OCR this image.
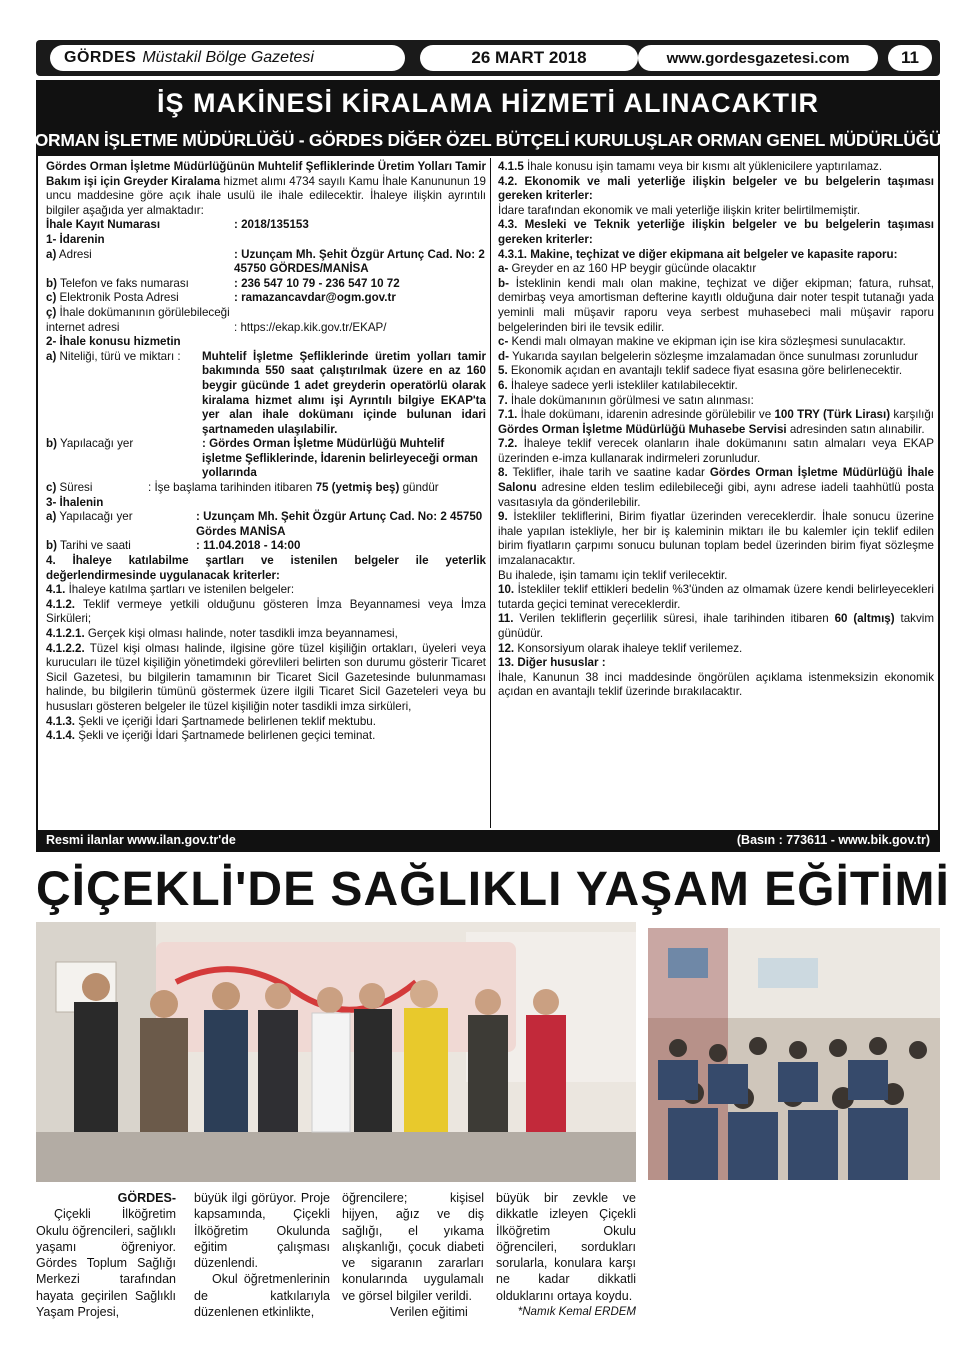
GÖRDES Müstakil Bölge Gazetesi	26 MART 2018	www.gordesgazetesi.com	11
İŞ MAKİNESİ KİRALAMA HİZMETİ ALINACAKTIR
ORMAN İŞLETME MÜDÜRLÜĞÜ - GÖRDES DİĞER ÖZEL BÜTÇELİ KURULUŞLAR ORMAN GENEL MÜDÜRLÜĞÜ

Gördes Orman İşletme Müdürlüğünün Muhtelif Şefliklerinde Üretim Yolları Tamir Bakım işi için Greyder Kiralama hizmet alımı 4734 sayılı Kamu İhale Kanununun 19 uncu maddesine göre açık ihale usulü ile ihale edilecektir. İhaleye ilişkin ayrıntılı bilgiler aşağıda yer almaktadır:

İhale Kayıt Numarası	: 2018/135153
1- İdarenin
a) Adresi	: Uzunçam Mh. Şehit Özgür Artunç Cad. No: 2 45750 GÖRDES/MANİSA
b) Telefon ve faks numarası	: 236 547 10 79 - 236 547 10 72
c) Elektronik Posta Adresi	: ramazancavdar@ogm.gov.tr
ç) İhale dokümanının görülebileceği internet adresi	: https://ekap.kik.gov.tr/EKAP/
2- İhale konusu hizmetin
a) Niteliği, türü ve miktarı :	Muhtelif İşletme Şefliklerinde üretim yolları tamir bakımında 550 saat çalıştırılmak üzere en az 160 beygir gücünde 1 adet greyderin operatörlü olarak kiralama hizmet alımı işi Ayrıntılı bilgiye EKAP'ta yer alan ihale dokümanı içinde bulunan idari şartnameden ulaşılabilir.
b) Yapılacağı yer	: Gördes Orman İşletme Müdürlüğü Muhtelif işletme Şefliklerinde, İdarenin belirleyeceği orman yollarında
c) Süresi	: İşe başlama tarihinden itibaren 75 (yetmiş beş) gündür
3- İhalenin
a) Yapılacağı yer	: Uzunçam Mh. Şehit Özgür Artunç Cad. No: 2 45750 Gördes MANİSA
b) Tarihi ve saati	: 11.04.2018 - 14:00
4. İhaleye katılabilme şartları ve istenilen belgeler ile yeterlik değerlendirmesinde uygulanacak kriterler:

4.1. İhaleye katılma şartları ve istenilen belgeler:

4.1.2. Teklif vermeye yetkili olduğunu gösteren İmza Beyannamesi veya İmza Sirküleri;

4.1.2.1. Gerçek kişi olması halinde, noter tasdikli imza beyannamesi,

4.1.2.2. Tüzel kişi olması halinde, ilgisine göre tüzel kişiliğin ortakları, üyeleri veya kurucuları ile tüzel kişiliğin yönetimdeki görevlileri belirten son durumu gösterir Ticaret Sicil Gazetesi, bu bilgilerin tamamının bir Ticaret Sicil Gazetesinde bulunmaması halinde, bu bilgilerin tümünü göstermek üzere ilgili Ticaret Sicil Gazeteleri veya bu hususları gösteren belgeler ile tüzel kişiliğin noter tasdikli imza sirküleri,

4.1.3. Şekli ve içeriği İdari Şartnamede belirlenen teklif mektubu.

4.1.4. Şekli ve içeriği İdari Şartnamede belirlenen geçici teminat.

4.1.5 İhale konusu işin tamamı veya bir kısmı alt yüklenicilere yaptırılamaz.

4.2. Ekonomik ve mali yeterliğe ilişkin belgeler ve bu belgelerin taşıması gereken kriterler:

İdare tarafından ekonomik ve mali yeterliğe ilişkin kriter belirtilmemiştir.

4.3. Mesleki ve Teknik yeterliğe ilişkin belgeler ve bu belgelerin taşıması gereken kriterler:

4.3.1. Makine, teçhizat ve diğer ekipmana ait belgeler ve kapasite raporu:

a- Greyder en az 160 HP beygir gücünde olacaktır

b- İsteklinin kendi malı olan makine, teçhizat ve diğer ekipman; fatura, ruhsat, demirbaş veya amortisman defterine kayıtlı olduğuna dair noter tespit tutanağı yada yeminli mali müşavir raporu veya serbest muhasebeci mali müşavir raporu belgelerinden biri ile tevsik edilir.

c- Kendi malı olmayan makine ve ekipman için ise kira sözleşmesi sunulacaktır.

d- Yukarıda sayılan belgelerin sözleşme imzalamadan önce sunulması zorunludur

5. Ekonomik açıdan en avantajlı teklif sadece fiyat esasına göre belirlenecektir.

6. İhaleye sadece yerli istekliler katılabilecektir.

7. İhale dokümanının görülmesi ve satın alınması:

7.1. İhale dokümanı, idarenin adresinde görülebilir ve 100 TRY (Türk Lirası) karşılığı Gördes Orman İşletme Müdürlüğü Muhasebe Servisi adresinden satın alınabilir.

7.2. İhaleye teklif verecek olanların ihale dokümanını satın almaları veya EKAP üzerinden e-imza kullanarak indirmeleri zorunludur.

8. Teklifler, ihale tarih ve saatine kadar Gördes Orman İşletme Müdürlüğü İhale Salonu adresine elden teslim edilebileceği gibi, aynı adrese iadeli taahhütlü posta vasıtasıyla da gönderilebilir.

9. İstekliler tekliflerini, Birim fiyatlar üzerinden vereceklerdir. İhale sonucu üzerine ihale yapılan istekliyle, her bir iş kaleminin miktarı ile bu kalemler için teklif edilen birim fiyatların çarpımı sonucu bulunan toplam bedel üzerinden birim fiyat sözleşme imzalanacaktır.

Bu ihalede, işin tamamı için teklif verilecektir.

10. İstekliler teklif ettikleri bedelin %3'ünden az olmamak üzere kendi belirleyecekleri tutarda geçici teminat vereceklerdir.

11. Verilen tekliflerin geçerlilik süresi, ihale tarihinden itibaren 60 (altmış) takvim günüdür.

12. Konsorsiyum olarak ihaleye teklif verilemez.

13. Diğer hususlar :

İhale, Kanunun 38 inci maddesinde öngörülen açıklama istenmeksizin ekonomik açıdan en avantajlı teklif üzerinde bırakılacaktır.

Resmi ilanlar www.ilan.gov.tr'de	(Basın : 773611 - www.bik.gov.tr)
ÇİÇEKLİ'DE SAĞLIKLI YAŞAM EĞİTİMİ

GÖRDES-

Çiçekli İlköğretim Okulu öğrencileri, sağlıklı yaşamı öğreniyor. Gördes Toplum Sağlığı Merkezi tarafından hayata geçirilen Sağlıklı Yaşam Projesi,

büyük ilgi görüyor. Proje kapsamında, Çiçekli İlköğretim Okulunda eğitim çalışması düzenlendi.

Okul öğretmenlerinin de katkılarıyla düzenlenen etkinlikte,

öğrencilere; kişisel hijyen, ağız ve diş sağlığı, el yıkama alışkanlığı, çocuk diabeti ve sigaranın zararları konularında uygulamalı ve görsel bilgiler verildi.

Verilen eğitimi

büyük bir zevkle ve dikkatle izleyen Çiçekli İlköğretim Okulu öğrencileri, sordukları sorularla, konulara karşı ne kadar dikkatli olduklarını ortaya koydu.

*Namık Kemal ERDEM
